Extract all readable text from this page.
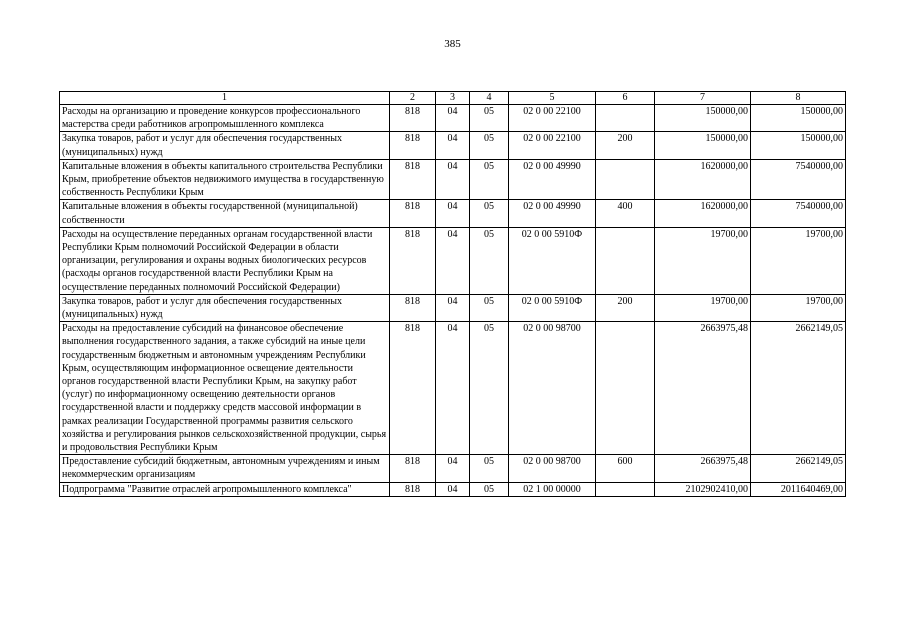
385
1	2	3	4	5	6	7	8
Расходы на организацию и проведение конкурсов профессионального мастерства среди работников агропромышленного комплекса	818	04	05	02 0 00 22100		150000,00	150000,00
Закупка товаров, работ и услуг для обеспечения государственных (муниципальных) нужд	818	04	05	02 0 00 22100	200	150000,00	150000,00
Капитальные вложения в объекты капитального строительства Республики Крым, приобретение объектов недвижимого имущества в государственную собственность Республики Крым	818	04	05	02 0 00 49990		1620000,00	7540000,00
Капитальные вложения в объекты государственной (муниципальной) собственности	818	04	05	02 0 00 49990	400	1620000,00	7540000,00
Расходы на осуществление переданных органам государственной власти Республики Крым полномочий Российской Федерации в области организации, регулирования и охраны водных биологических ресурсов (расходы органов государственной власти Республики Крым на осуществление переданных полномочий Российской Федерации)	818	04	05	02 0 00 5910Ф		19700,00	19700,00
Закупка товаров, работ и услуг для обеспечения государственных (муниципальных) нужд	818	04	05	02 0 00 5910Ф	200	19700,00	19700,00
Расходы на предоставление субсидий на финансовое обеспечение выполнения государственного задания, а также субсидий на иные цели государственным бюджетным и автономным учреждениям Республики Крым, осуществляющим информационное освещение деятельности органов государственной власти Республики Крым, на закупку работ (услуг) по информационному освещению деятельности органов государственной власти и поддержку средств массовой информации в рамках реализации Государственной программы развития сельского хозяйства и регулирования рынков сельскохозяйственной продукции, сырья и продовольствия Республики Крым	818	04	05	02 0 00 98700		2663975,48	2662149,05
Предоставление субсидий бюджетным, автономным учреждениям и иным некоммерческим организациям	818	04	05	02 0 00 98700	600	2663975,48	2662149,05
Подпрограмма "Развитие отраслей агропромышленного комплекса"	818	04	05	02 1 00 00000		2102902410,00	2011640469,00
